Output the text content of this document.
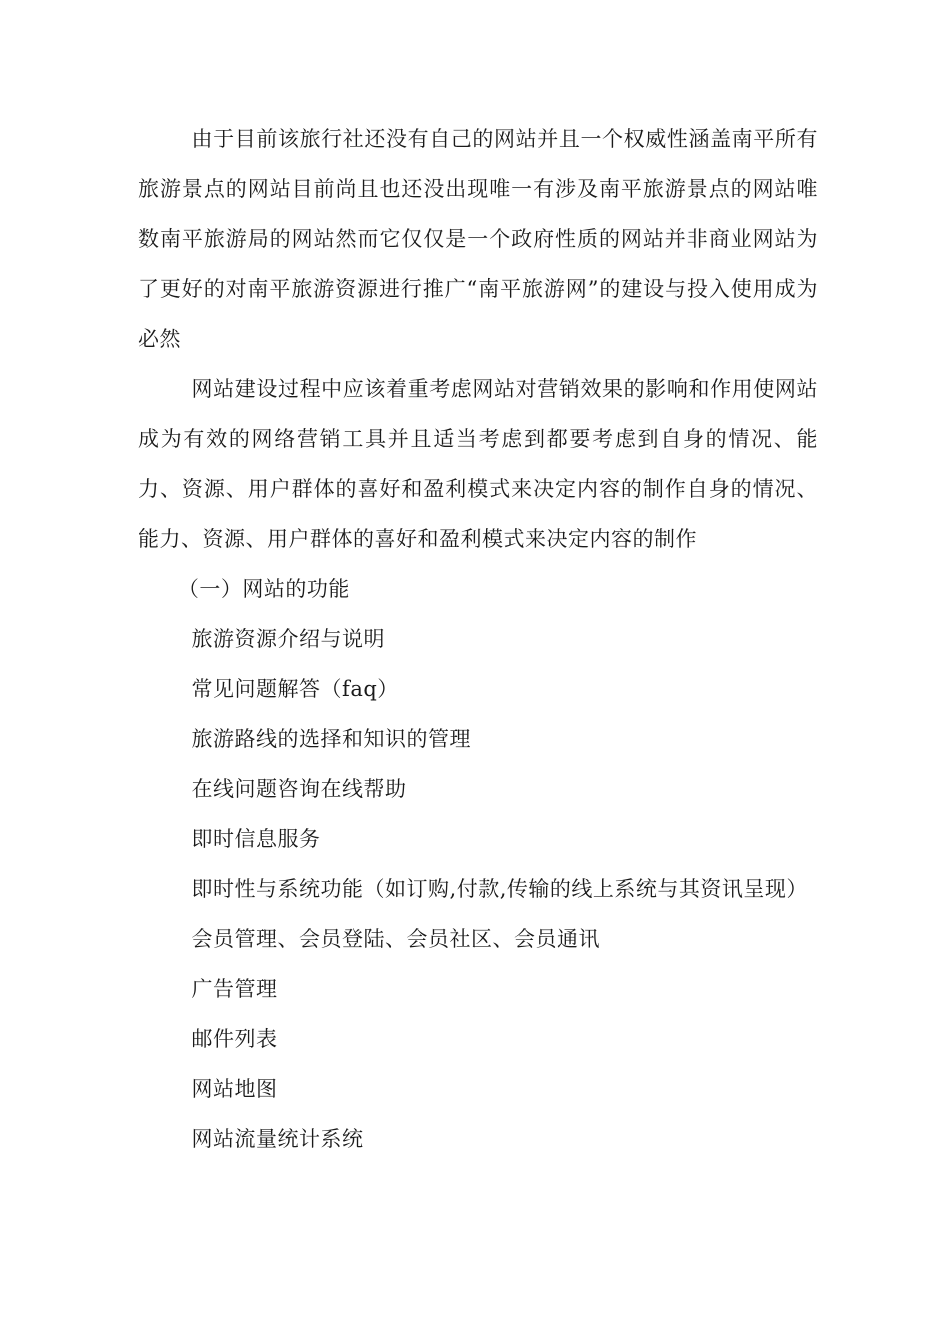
由于目前该旅行社还没有自己的网站并且一个权威性涵盖南平所有旅游景点的网站目前尚且也还没出现唯一有涉及南平旅游景点的网站唯数南平旅游局的网站然而它仅仅是一个政府性质的网站并非商业网站为了更好的对南平旅游资源进行推广“南平旅游网”的建设与投入使用成为必然

网站建设过程中应该着重考虑网站对营销效果的影响和作用使网站成为有效的网络营销工具并且适当考虑到都要考虑到自身的情况、能力、资源、用户群体的喜好和盈利模式来决定内容的制作自身的情况、能力、资源、用户群体的喜好和盈利模式来决定内容的制作

（一）网站的功能

旅游资源介绍与说明

常见问题解答（faq）

旅游路线的选择和知识的管理

在线问题咨询在线帮助

即时信息服务

即时性与系统功能（如订购,付款,传输的线上系统与其资讯呈现）

会员管理、会员登陆、会员社区、会员通讯

广告管理

邮件列表

网站地图

网站流量统计系统
